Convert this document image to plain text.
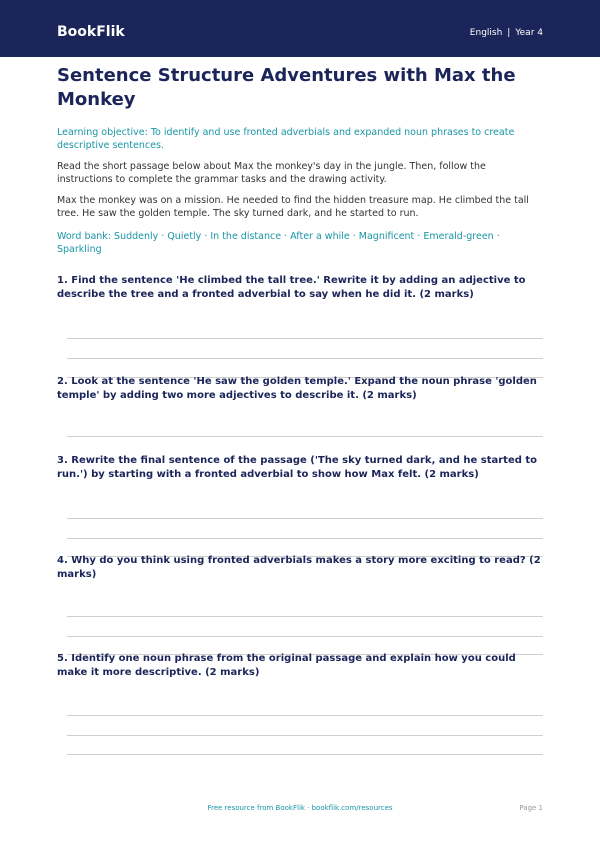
BookFlik	English | Year 4
Sentence Structure Adventures with Max the Monkey

Learning objective: To identify and use fronted adverbials and expanded noun phrases to create descriptive sentences.

Read the short passage below about Max the monkey's day in the jungle. Then, follow the instructions to complete the grammar tasks and the drawing activity.

Max the monkey was on a mission. He needed to find the hidden treasure map. He climbed the tall tree. He saw the golden temple. The sky turned dark, and he started to run.

Word bank: Suddenly · Quietly · In the distance · After a while · Magnificent · Emerald-green · Sparkling

1. Find the sentence 'He climbed the tall tree.' Rewrite it by adding an adjective to describe the tree and a fronted adverbial to say when he did it. (2 marks)

2. Look at the sentence 'He saw the golden temple.' Expand the noun phrase 'golden temple' by adding two more adjectives to describe it. (2 marks)

3. Rewrite the final sentence of the passage ('The sky turned dark, and he started to run.') by starting with a fronted adverbial to show how Max felt. (2 marks)

4. Why do you think using fronted adverbials makes a story more exciting to read? (2 marks)

5. Identify one noun phrase from the original passage and explain how you could make it more descriptive. (2 marks)

Free resource from BookFlik · bookflik.com/resources	Page 1
